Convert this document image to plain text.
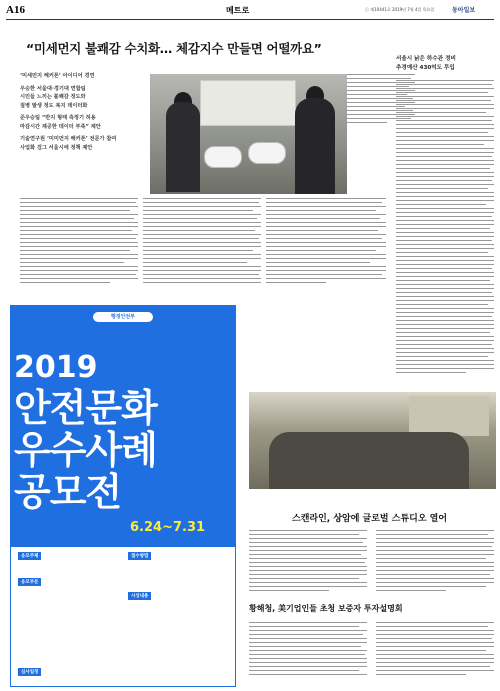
A16	메트로	ⓒ 제10441호 2019년 7월 4일 목요일	동아일보
“미세먼지 불쾌감 수치화… 체감지수 만들면 어떨까요”
‘미세먼지 해커톤’ 아이디어 경연
우승한 서울대·경기대 연합팀
시민들 느끼는 불쾌감 정도와
질병 발생 정도 복지 데이터화
준우승팀 “반지 형태 측정기 허용
마감시간 제공한 데이터 부족” 제안
기술연구원 ‘미미먼지 해커톤’ 전문가 참여
사업화 검그 서울시에 정책 제안
서울시 낡은 하수관 정비
추경예산 430억도 투입
행정안전부
2019
안전문화
우수사례
공모전
6.24~7.31
응모주제
응모부문
접수방법
시상내용
심사일정
스캔라인, 상암에 글로벌 스튜디오 열어
황해청, 美기업인들 초청 보증자 투자설명회
